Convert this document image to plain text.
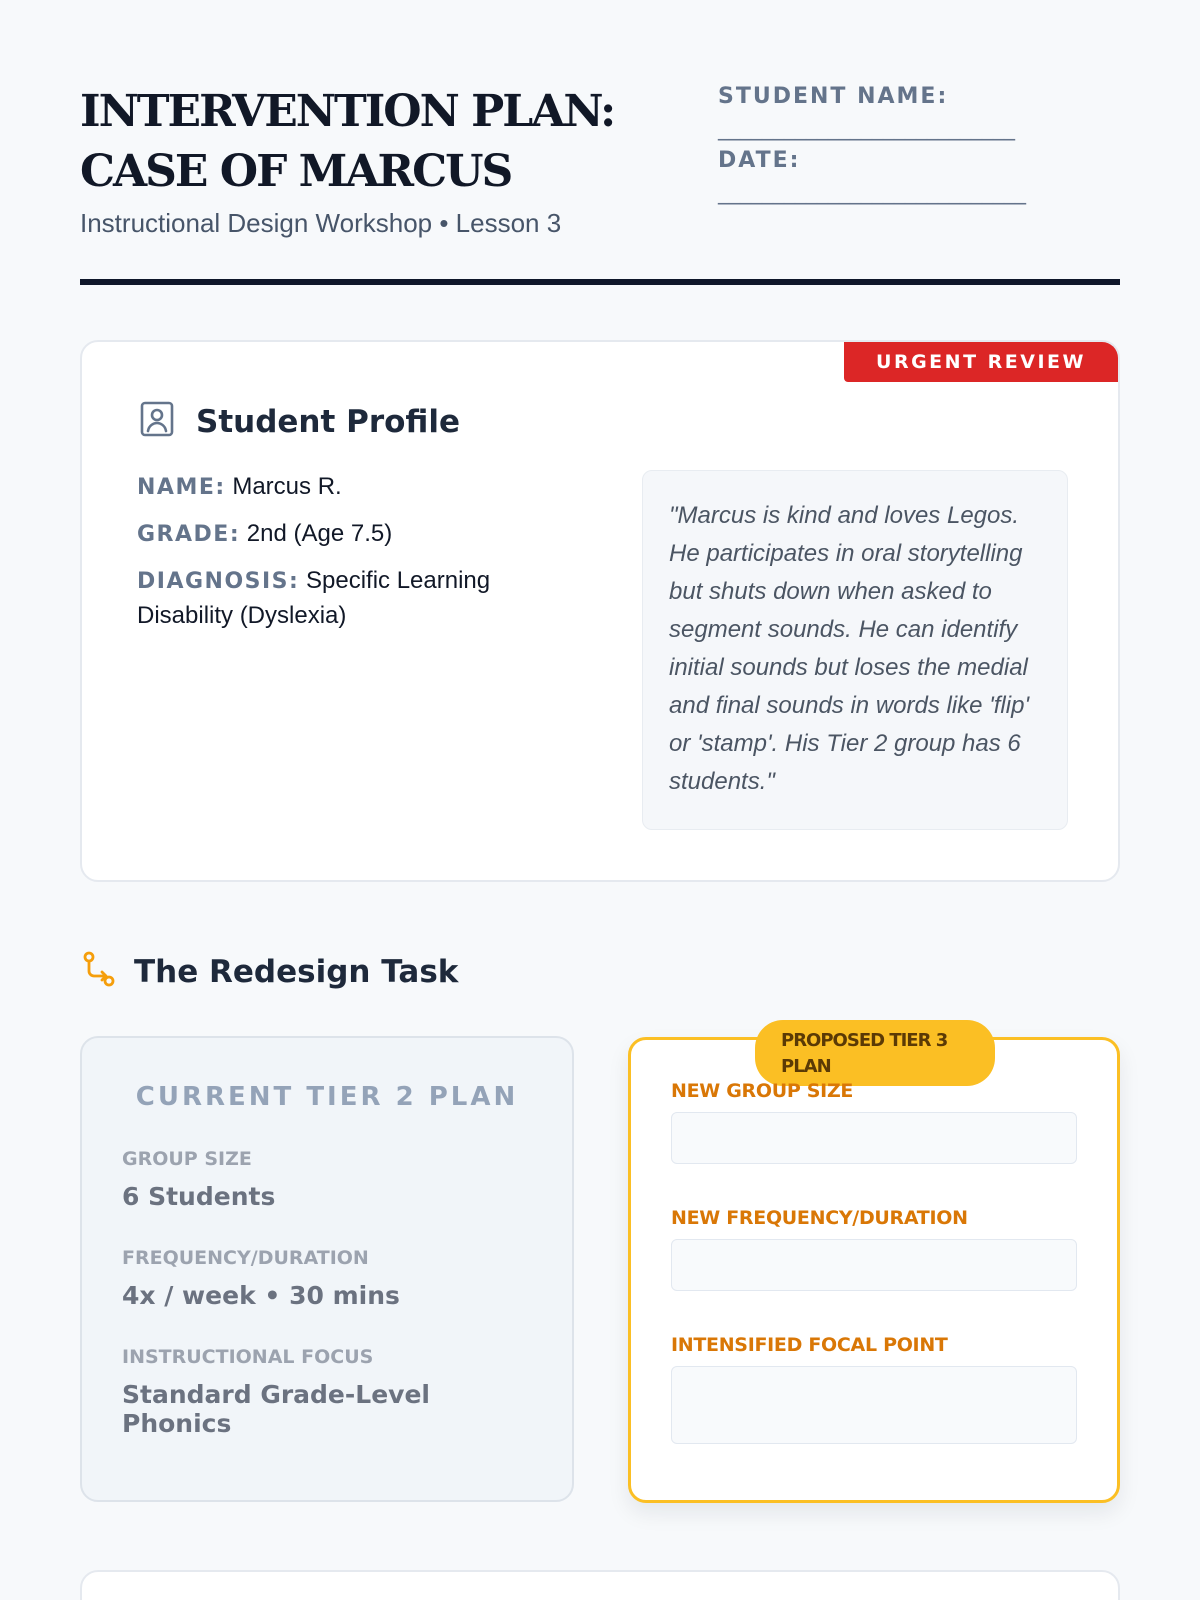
INTERVENTION PLAN: CASE OF MARCUS
Instructional Design Workshop • Lesson 3
STUDENT NAME:
___________________________
DATE:
____________________________
URGENT REVIEW
Student Profile
NAME: Marcus R.
GRADE: 2nd (Age 7.5)
DIAGNOSIS: Specific Learning Disability (Dyslexia)
"Marcus is kind and loves Legos. He participates in oral storytelling but shuts down when asked to segment sounds. He can identify initial sounds but loses the medial and final sounds in words like 'flip' or 'stamp'. His Tier 2 group has 6 students."
The Redesign Task
CURRENT TIER 2 PLAN
GROUP SIZE
6 Students
FREQUENCY/DURATION
4x / week • 30 mins
INSTRUCTIONAL FOCUS
Standard Grade-Level Phonics
PROPOSED TIER 3 PLAN
NEW GROUP SIZE
NEW FREQUENCY/DURATION
INTENSIFIED FOCAL POINT
